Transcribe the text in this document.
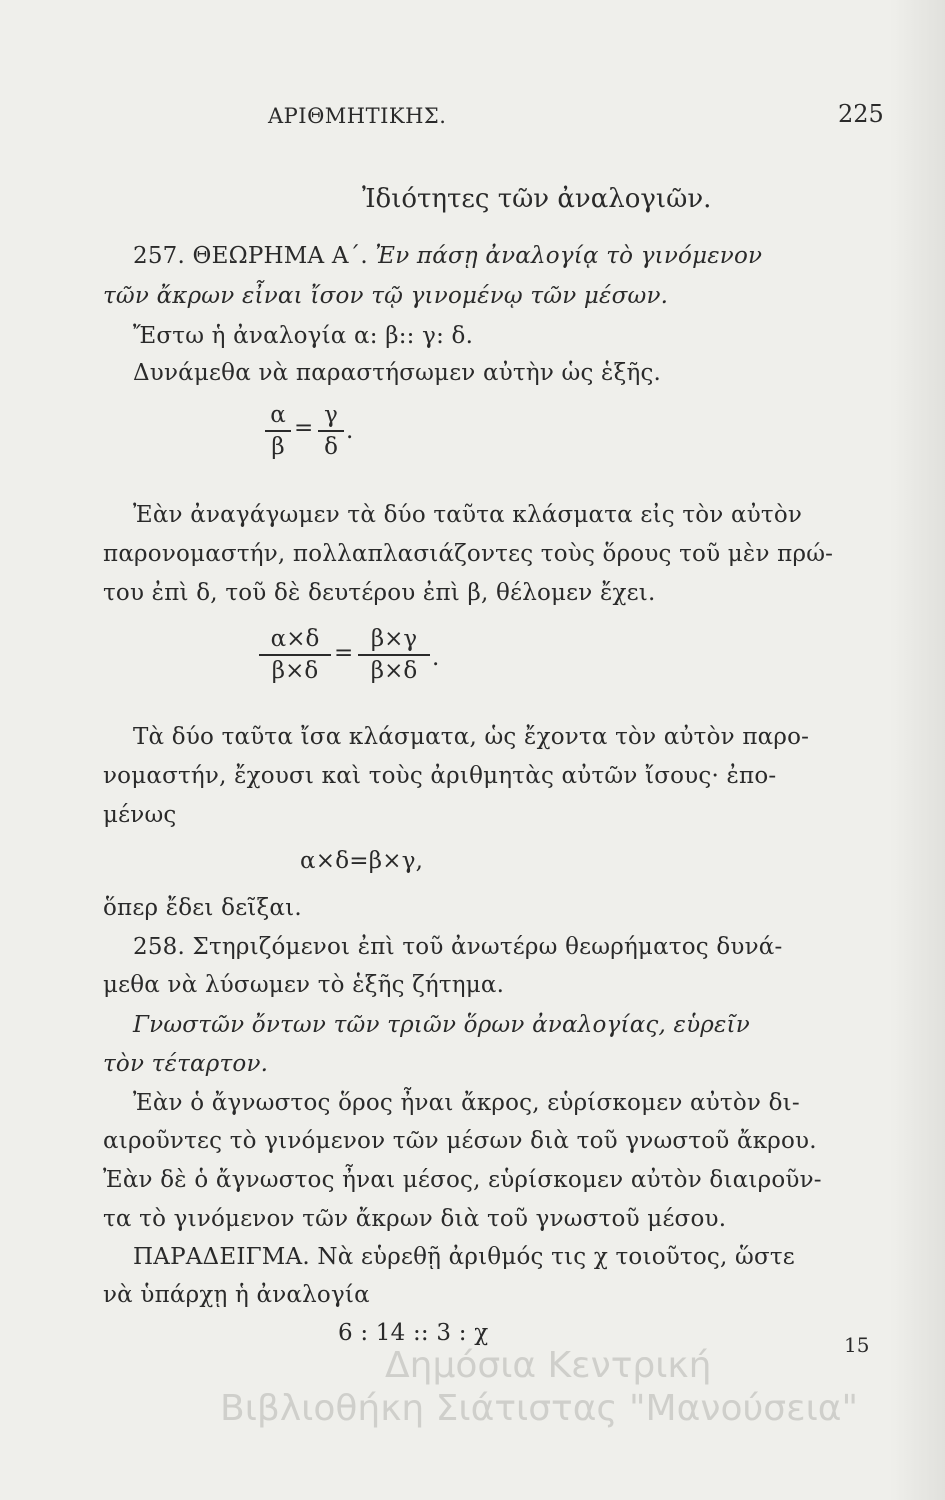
ΑΡΙΘΜΗΤΙΚΗΣ.	225
Ἰδιότητες τῶν ἀναλογιῶν.
257. ΘΕΩΡΗΜΑ Α΄. Ἐν πάσῃ ἀναλογίᾳ τὸ γινόμενον
τῶν ἄκρων εἶναι ἴσον τῷ γινομένῳ τῶν μέσων.
Ἔστω ἡ ἀναλογία α: β:: γ: δ.
Δυνάμεθα νὰ παραστήσωμεν αὐτὴν ὡς ἑξῆς.
α
β
= γ
δ
.
Ἐὰν ἀναγάγωμεν τὰ δύο ταῦτα κλάσματα εἰς τὸν αὐτὸν
παρονομαστήν, πολλαπλασιάζοντες τοὺς ὅρους τοῦ μὲν πρώ-
του ἐπὶ δ, τοῦ δὲ δευτέρου ἐπὶ β, θέλομεν ἔχει.
α×δ
β×δ
=
β×γ
β×δ .
Τὰ δύο ταῦτα ἴσα κλάσματα, ὡς ἔχοντα τὸν αὐτὸν παρο-
νομαστήν, ἔχουσι καὶ τοὺς ἀριθμητὰς αὐτῶν ἴσους· ἐπο-
μένως
α×δ=β×γ,
ὅπερ ἔδει δεῖξαι.
258. Στηριζόμενοι ἐπὶ τοῦ ἀνωτέρω θεωρήματος δυνά-
μεθα νὰ λύσωμεν τὸ ἑξῆς ζήτημα.
Γνωστῶν ὄντων τῶν τριῶν ὅρων ἀναλογίας, εὑρεῖν
τὸν τέταρτον.
Ἐὰν ὁ ἄγνωστος ὅρος ἦναι ἄκρος, εὑρίσκομεν αὐτὸν δι-
αιροῦντες τὸ γινόμενον τῶν μέσων διὰ τοῦ γνωστοῦ ἄκρου.
Ἐὰν δὲ ὁ ἄγνωστος ἦναι μέσος, εὑρίσκομεν αὐτὸν διαιροῦν-
τα τὸ γινόμενον τῶν ἄκρων διὰ τοῦ γνωστοῦ μέσου.
ΠΑΡΑΔΕΙΓΜΑ. Νὰ εὑρεθῇ ἀριθμός τις χ τοιοῦτος, ὥστε
νὰ ὑπάρχῃ ἡ ἀναλογία
6 : 14 :: 3 : χ	15
Δημόσια Κεντρική
Βιβλιοθήκη Σιάτιστας "Μανούσεια"
